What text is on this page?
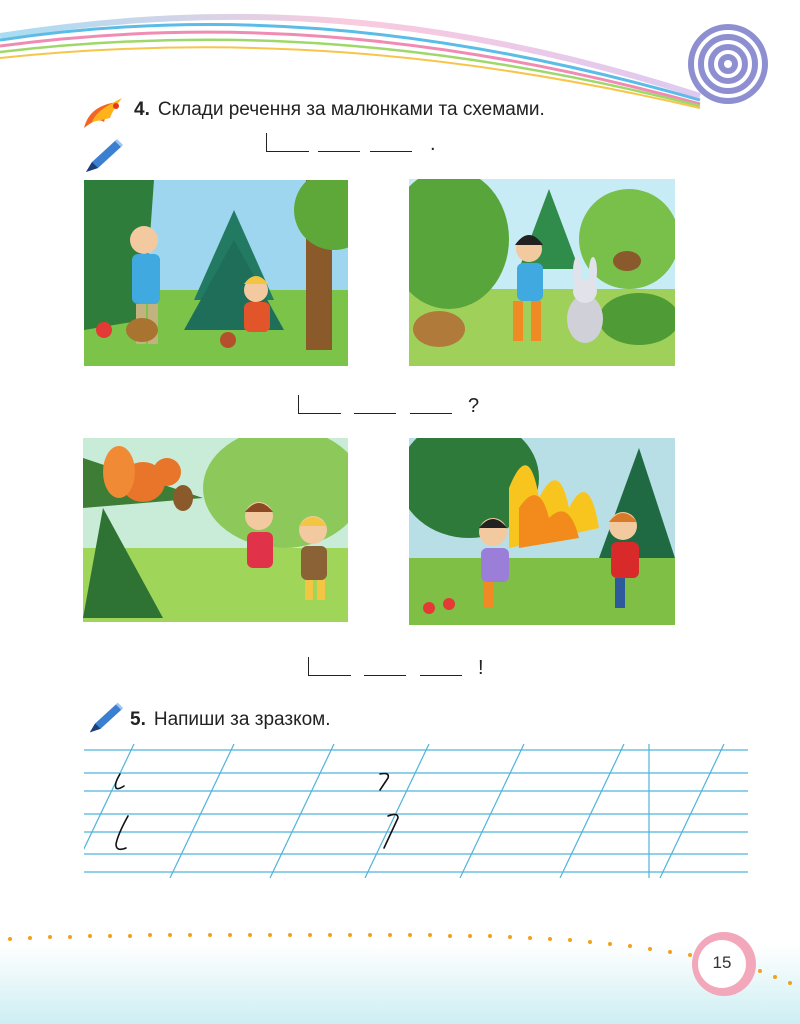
4. Склади речення за малюнками та схемами.
.
?
!
5. Напиши за зразком.
15
